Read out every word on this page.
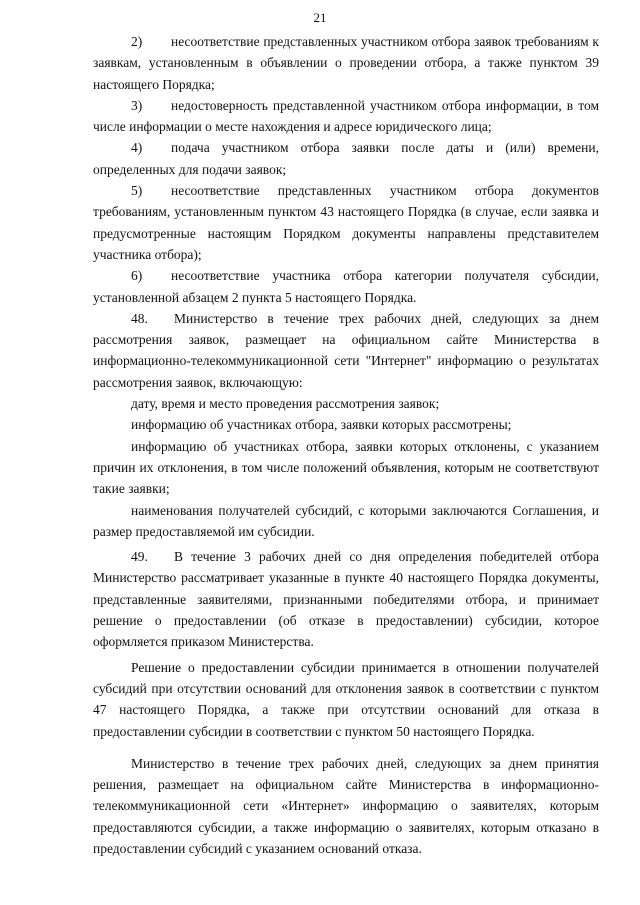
21

2) несоответствие представленных участником отбора заявок требованиям к заявкам, установленным в объявлении о проведении отбора, а также пунктом 39 настоящего Порядка;

3) недостоверность представленной участником отбора информации, в том числе информации о месте нахождения и адресе юридического лица;

4) подача участником отбора заявки после даты и (или) времени, определенных для подачи заявок;

5) несоответствие представленных участником отбора документов требованиям, установленным пунктом 43 настоящего Порядка (в случае, если заявка и предусмотренные настоящим Порядком документы направлены представителем участника отбора);

6) несоответствие участника отбора категории получателя субсидии, установленной абзацем 2 пункта 5 настоящего Порядка.

48. Министерство в течение трех рабочих дней, следующих за днем рассмотрения заявок, размещает на официальном сайте Министерства в информационно-телекоммуникационной сети "Интернет" информацию о результатах рассмотрения заявок, включающую:

дату, время и место проведения рассмотрения заявок;

информацию об участниках отбора, заявки которых рассмотрены;

информацию об участниках отбора, заявки которых отклонены, с указанием причин их отклонения, в том числе положений объявления, которым не соответствуют такие заявки;

наименования получателей субсидий, с которыми заключаются Соглашения, и размер предоставляемой им субсидии.

49. В течение 3 рабочих дней со дня определения победителей отбора Министерство рассматривает указанные в пункте 40 настоящего Порядка документы, представленные заявителями, признанными победителями отбора, и принимает решение о предоставлении (об отказе в предоставлении) субсидии, которое оформляется приказом Министерства.

Решение о предоставлении субсидии принимается в отношении получателей субсидий при отсутствии оснований для отклонения заявок в соответствии с пунктом 47 настоящего Порядка, а также при отсутствии оснований для отказа в предоставлении субсидии в соответствии с пунктом 50 настоящего Порядка.

Министерство в течение трех рабочих дней, следующих за днем принятия решения, размещает на официальном сайте Министерства в информационно-телекоммуникационной сети «Интернет» информацию о заявителях, которым предоставляются субсидии, а также информацию о заявителях, которым отказано в предоставлении субсидий с указанием оснований отказа.
